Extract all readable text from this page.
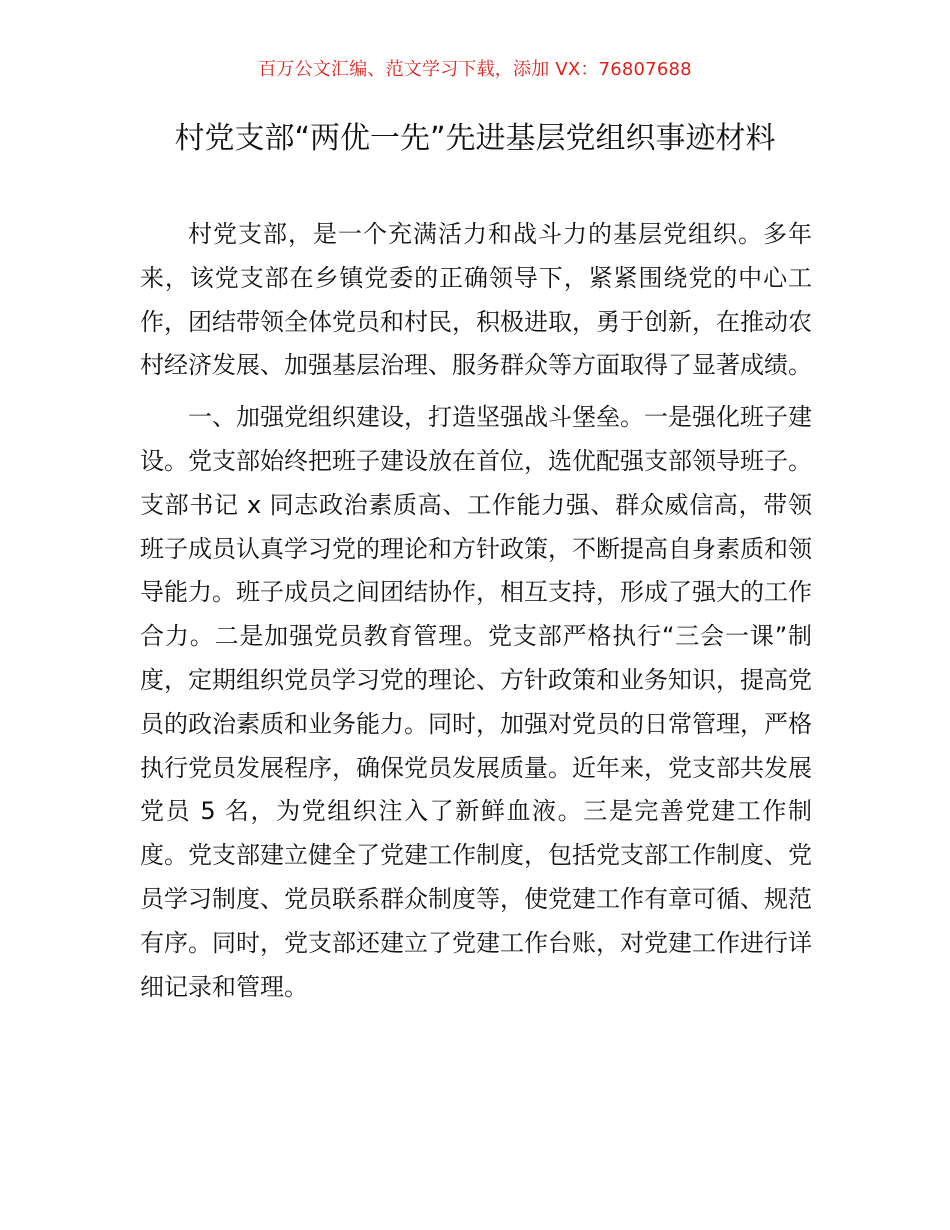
百万公文汇编、范文学习下载，添加 VX：76807688
村党支部“两优一先”先进基层党组织事迹材料

村党支部，是一个充满活力和战斗力的基层党组织。多年来，该党支部在乡镇党委的正确领导下，紧紧围绕党的中心工作，团结带领全体党员和村民，积极进取，勇于创新，在推动农村经济发展、加强基层治理、服务群众等方面取得了显著成绩。

一、加强党组织建设，打造坚强战斗堡垒。一是强化班子建设。党支部始终把班子建设放在首位，选优配强支部领导班子。支部书记 x 同志政治素质高、工作能力强、群众威信高，带领班子成员认真学习党的理论和方针政策，不断提高自身素质和领导能力。班子成员之间团结协作，相互支持，形成了强大的工作合力。二是加强党员教育管理。党支部严格执行“三会一课”制度，定期组织党员学习党的理论、方针政策和业务知识，提高党员的政治素质和业务能力。同时，加强对党员的日常管理，严格执行党员发展程序，确保党员发展质量。近年来，党支部共发展党员 5 名，为党组织注入了新鲜血液。三是完善党建工作制度。党支部建立健全了党建工作制度，包括党支部工作制度、党员学习制度、党员联系群众制度等，使党建工作有章可循、规范有序。同时，党支部还建立了党建工作台账，对党建工作进行详细记录和管理。
